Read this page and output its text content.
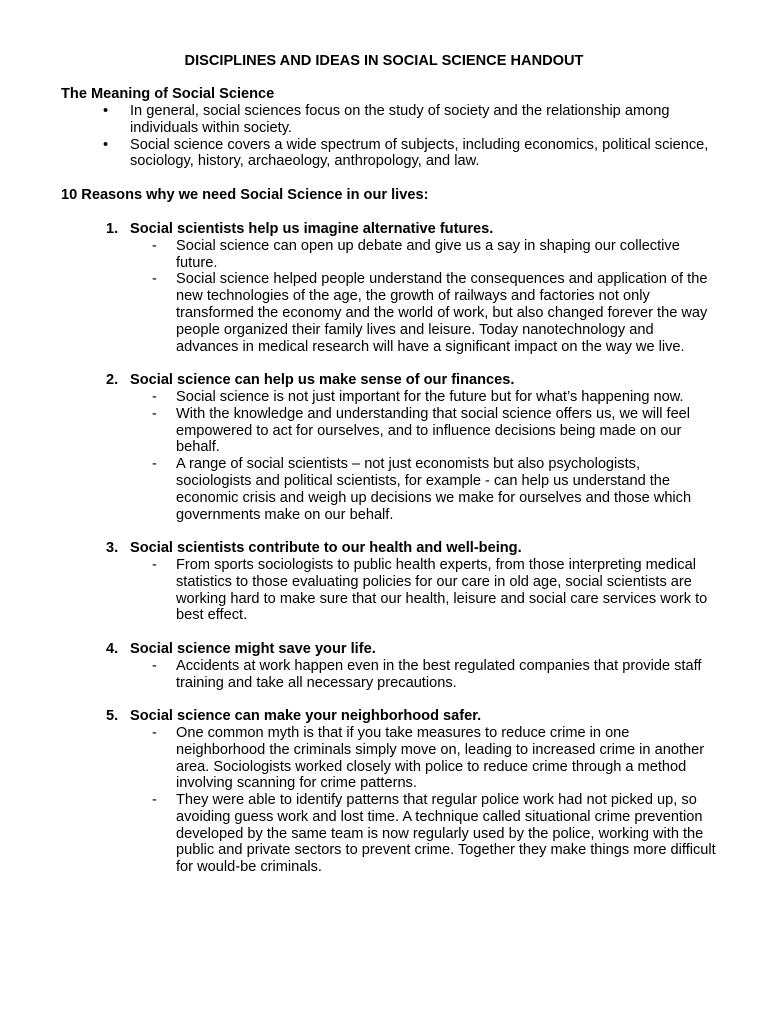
DISCIPLINES AND IDEAS IN SOCIAL SCIENCE HANDOUT
The Meaning of Social Science
• In general, social sciences focus on the study of society and the relationship among individuals within society.
• Social science covers a wide spectrum of subjects, including economics, political science, sociology, history, archaeology, anthropology, and law.
10 Reasons why we need Social Science in our lives:
1. Social scientists help us imagine alternative futures.
- Social science can open up debate and give us a say in shaping our collective future.
- Social science helped people understand the consequences and application of the new technologies of the age, the growth of railways and factories not only transformed the economy and the world of work, but also changed forever the way people organized their family lives and leisure. Today nanotechnology and advances in medical research will have a significant impact on the way we live.
2. Social science can help us make sense of our finances.
- Social science is not just important for the future but for what’s happening now.
- With the knowledge and understanding that social science offers us, we will feel empowered to act for ourselves, and to influence decisions being made on our behalf.
- A range of social scientists – not just economists but also psychologists, sociologists and political scientists, for example - can help us understand the economic crisis and weigh up decisions we make for ourselves and those which governments make on our behalf.
3. Social scientists contribute to our health and well-being.
- From sports sociologists to public health experts, from those interpreting medical statistics to those evaluating policies for our care in old age, social scientists are working hard to make sure that our health, leisure and social care services work to best effect.
4. Social science might save your life.
- Accidents at work happen even in the best regulated companies that provide staff training and take all necessary precautions.
5. Social science can make your neighborhood safer.
- One common myth is that if you take measures to reduce crime in one neighborhood the criminals simply move on, leading to increased crime in another area. Sociologists worked closely with police to reduce crime through a method involving scanning for crime patterns.
- They were able to identify patterns that regular police work had not picked up, so avoiding guess work and lost time. A technique called situational crime prevention developed by the same team is now regularly used by the police, working with the public and private sectors to prevent crime. Together they make things more difficult for would-be criminals.
